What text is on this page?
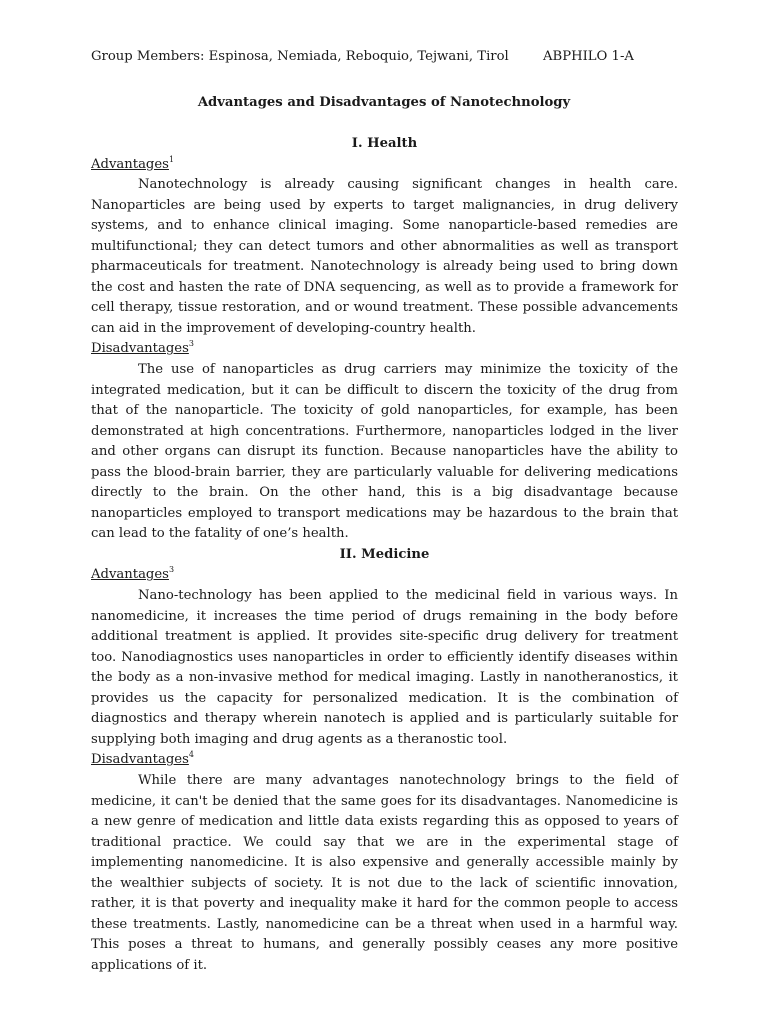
Group Members: Espinosa, Nemiada, Reboquio, Tejwani, Tirol	ABPHILO 1-A
Advantages and Disadvantages of Nanotechnology

I. Health

Advantages$^1$

Nanotechnology is already causing significant changes in health care. Nanoparticles are being used by experts to target malignancies, in drug delivery systems, and to enhance clinical imaging. Some nanoparticle-based remedies are multifunctional; they can detect tumors and other abnormalities as well as transport pharmaceuticals for treatment. Nanotechnology is already being used to bring down the cost and hasten the rate of DNA sequencing, as well as to provide a framework for cell therapy, tissue restoration, and or wound treatment. These possible advancements can aid in the improvement of developing-country health.

Disadvantages$^3$

The use of nanoparticles as drug carriers may minimize the toxicity of the integrated medication, but it can be difficult to discern the toxicity of the drug from that of the nanoparticle. The toxicity of gold nanoparticles, for example, has been demonstrated at high concentrations. Furthermore, nanoparticles lodged in the liver and other organs can disrupt its function. Because nanoparticles have the ability to pass the blood-brain barrier, they are particularly valuable for delivering medications directly to the brain. On the other hand, this is a big disadvantage because nanoparticles employed to transport medications may be hazardous to the brain that can lead to the fatality of one’s health.

II. Medicine

Advantages$^3$

Nano-technology has been applied to the medicinal field in various ways. In nanomedicine, it increases the time period of drugs remaining in the body before additional treatment is applied. It provides site-specific drug delivery for treatment too. Nanodiagnostics uses nanoparticles in order to efficiently identify diseases within the body as a non-invasive method for medical imaging. Lastly in nanotheranostics, it provides us the capacity for personalized medication. It is the combination of diagnostics and therapy wherein nanotech is applied and is particularly suitable for supplying both imaging and drug agents as a theranostic tool.

Disadvantages$^4$

While there are many advantages nanotechnology brings to the field of medicine, it can't be denied that the same goes for its disadvantages. Nanomedicine is a new genre of medication and little data exists regarding this as opposed to years of traditional practice. We could say that we are in the experimental stage of implementing nanomedicine. It is also expensive and generally accessible mainly by the wealthier subjects of society. It is not due to the lack of scientific innovation, rather, it is that poverty and inequality make it hard for the common people to access these treatments. Lastly, nanomedicine can be a threat when used in a harmful way. This poses a threat to humans, and generally possibly ceases any more positive applications of it.
